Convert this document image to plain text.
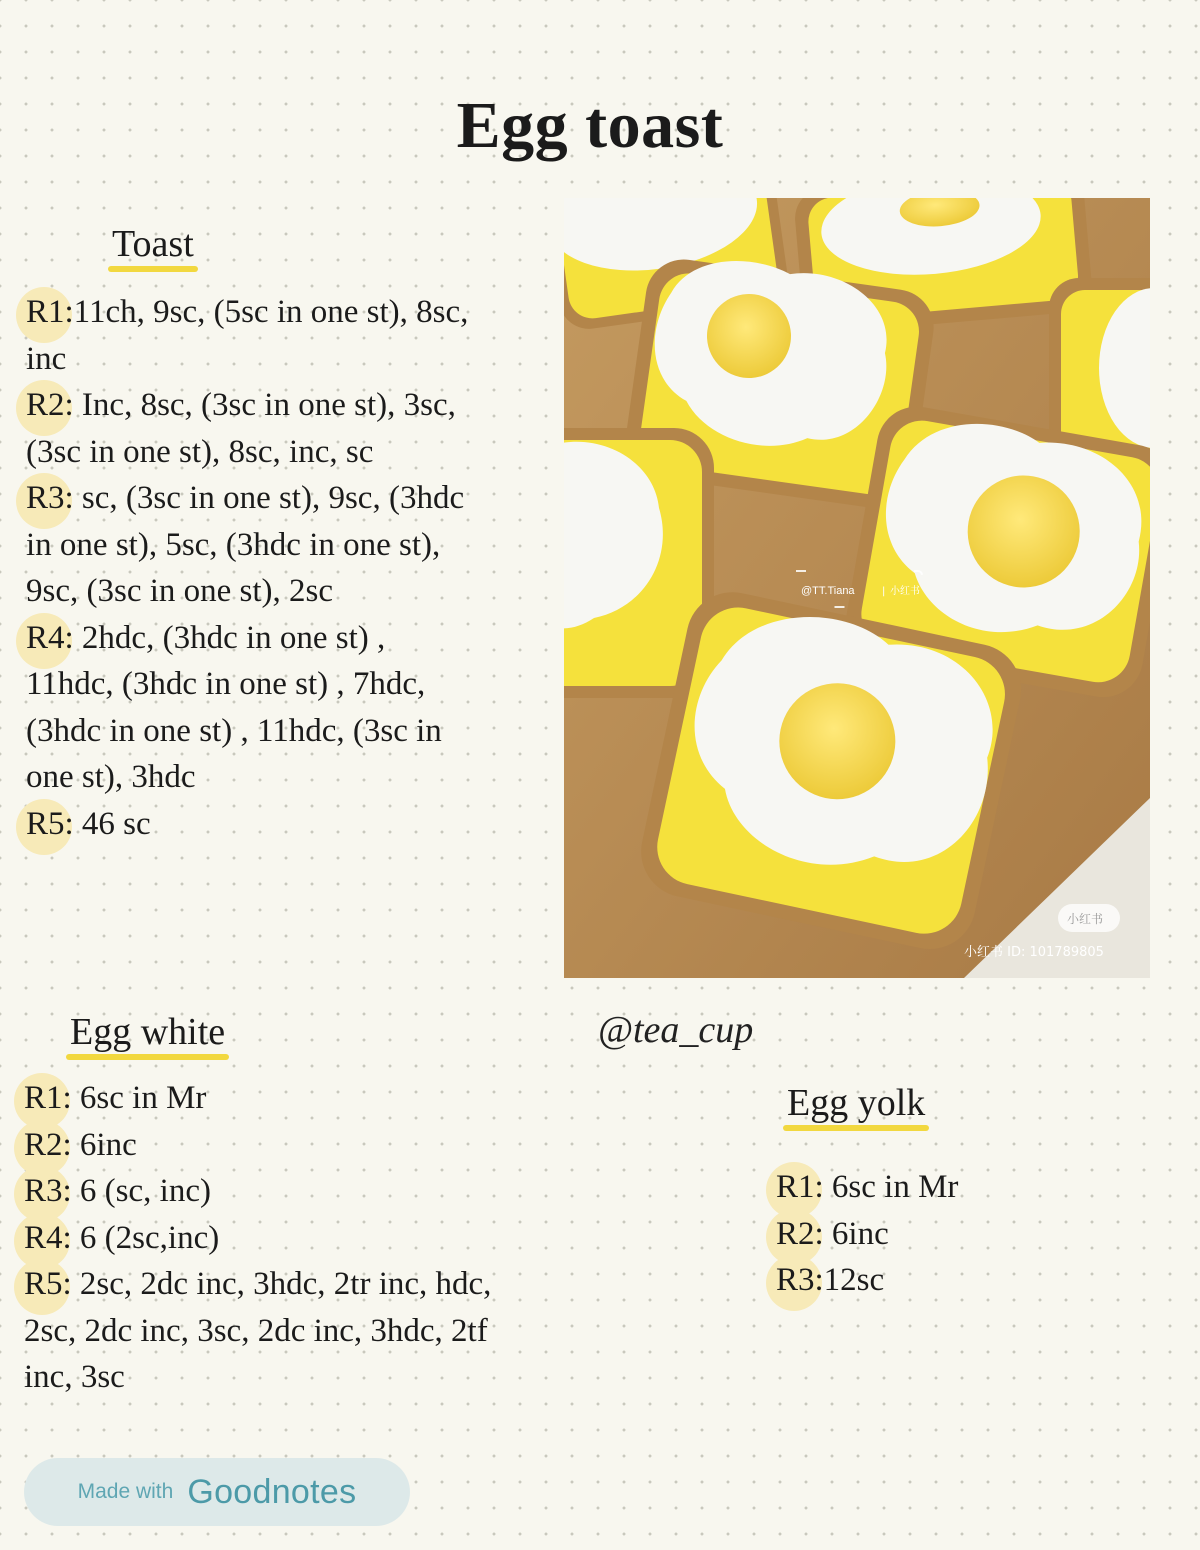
Egg toast
Toast
R1:11ch, 9sc, (5sc in one st), 8sc,
inc
R2: Inc, 8sc, (3sc in one st), 3sc,
(3sc in one st), 8sc, inc, sc
R3: sc, (3sc in one st), 9sc, (3hdc
in one st), 5sc, (3hdc in one st),
9sc, (3sc in one st), 2sc
R4: 2hdc, (3hdc in one st) ,
11hdc, (3hdc in one st) , 7hdc,
(3hdc in one st) , 11hdc, (3sc in
one st), 3hdc
R5: 46 sc
@TT.Tiana	| 小红书
小红书
小红书 ID: 101789805
Egg white
R1: 6sc in Mr
R2: 6inc
R3: 6 (sc, inc)
R4: 6 (2sc,inc)
R5: 2sc, 2dc inc, 3hdc, 2tr inc, hdc,
2sc, 2dc inc, 3sc, 2dc inc, 3hdc, 2tf
inc, 3sc
@tea_cup
Egg yolk
R1: 6sc in Mr
R2: 6inc
R3:12sc
Made with Goodnotes
